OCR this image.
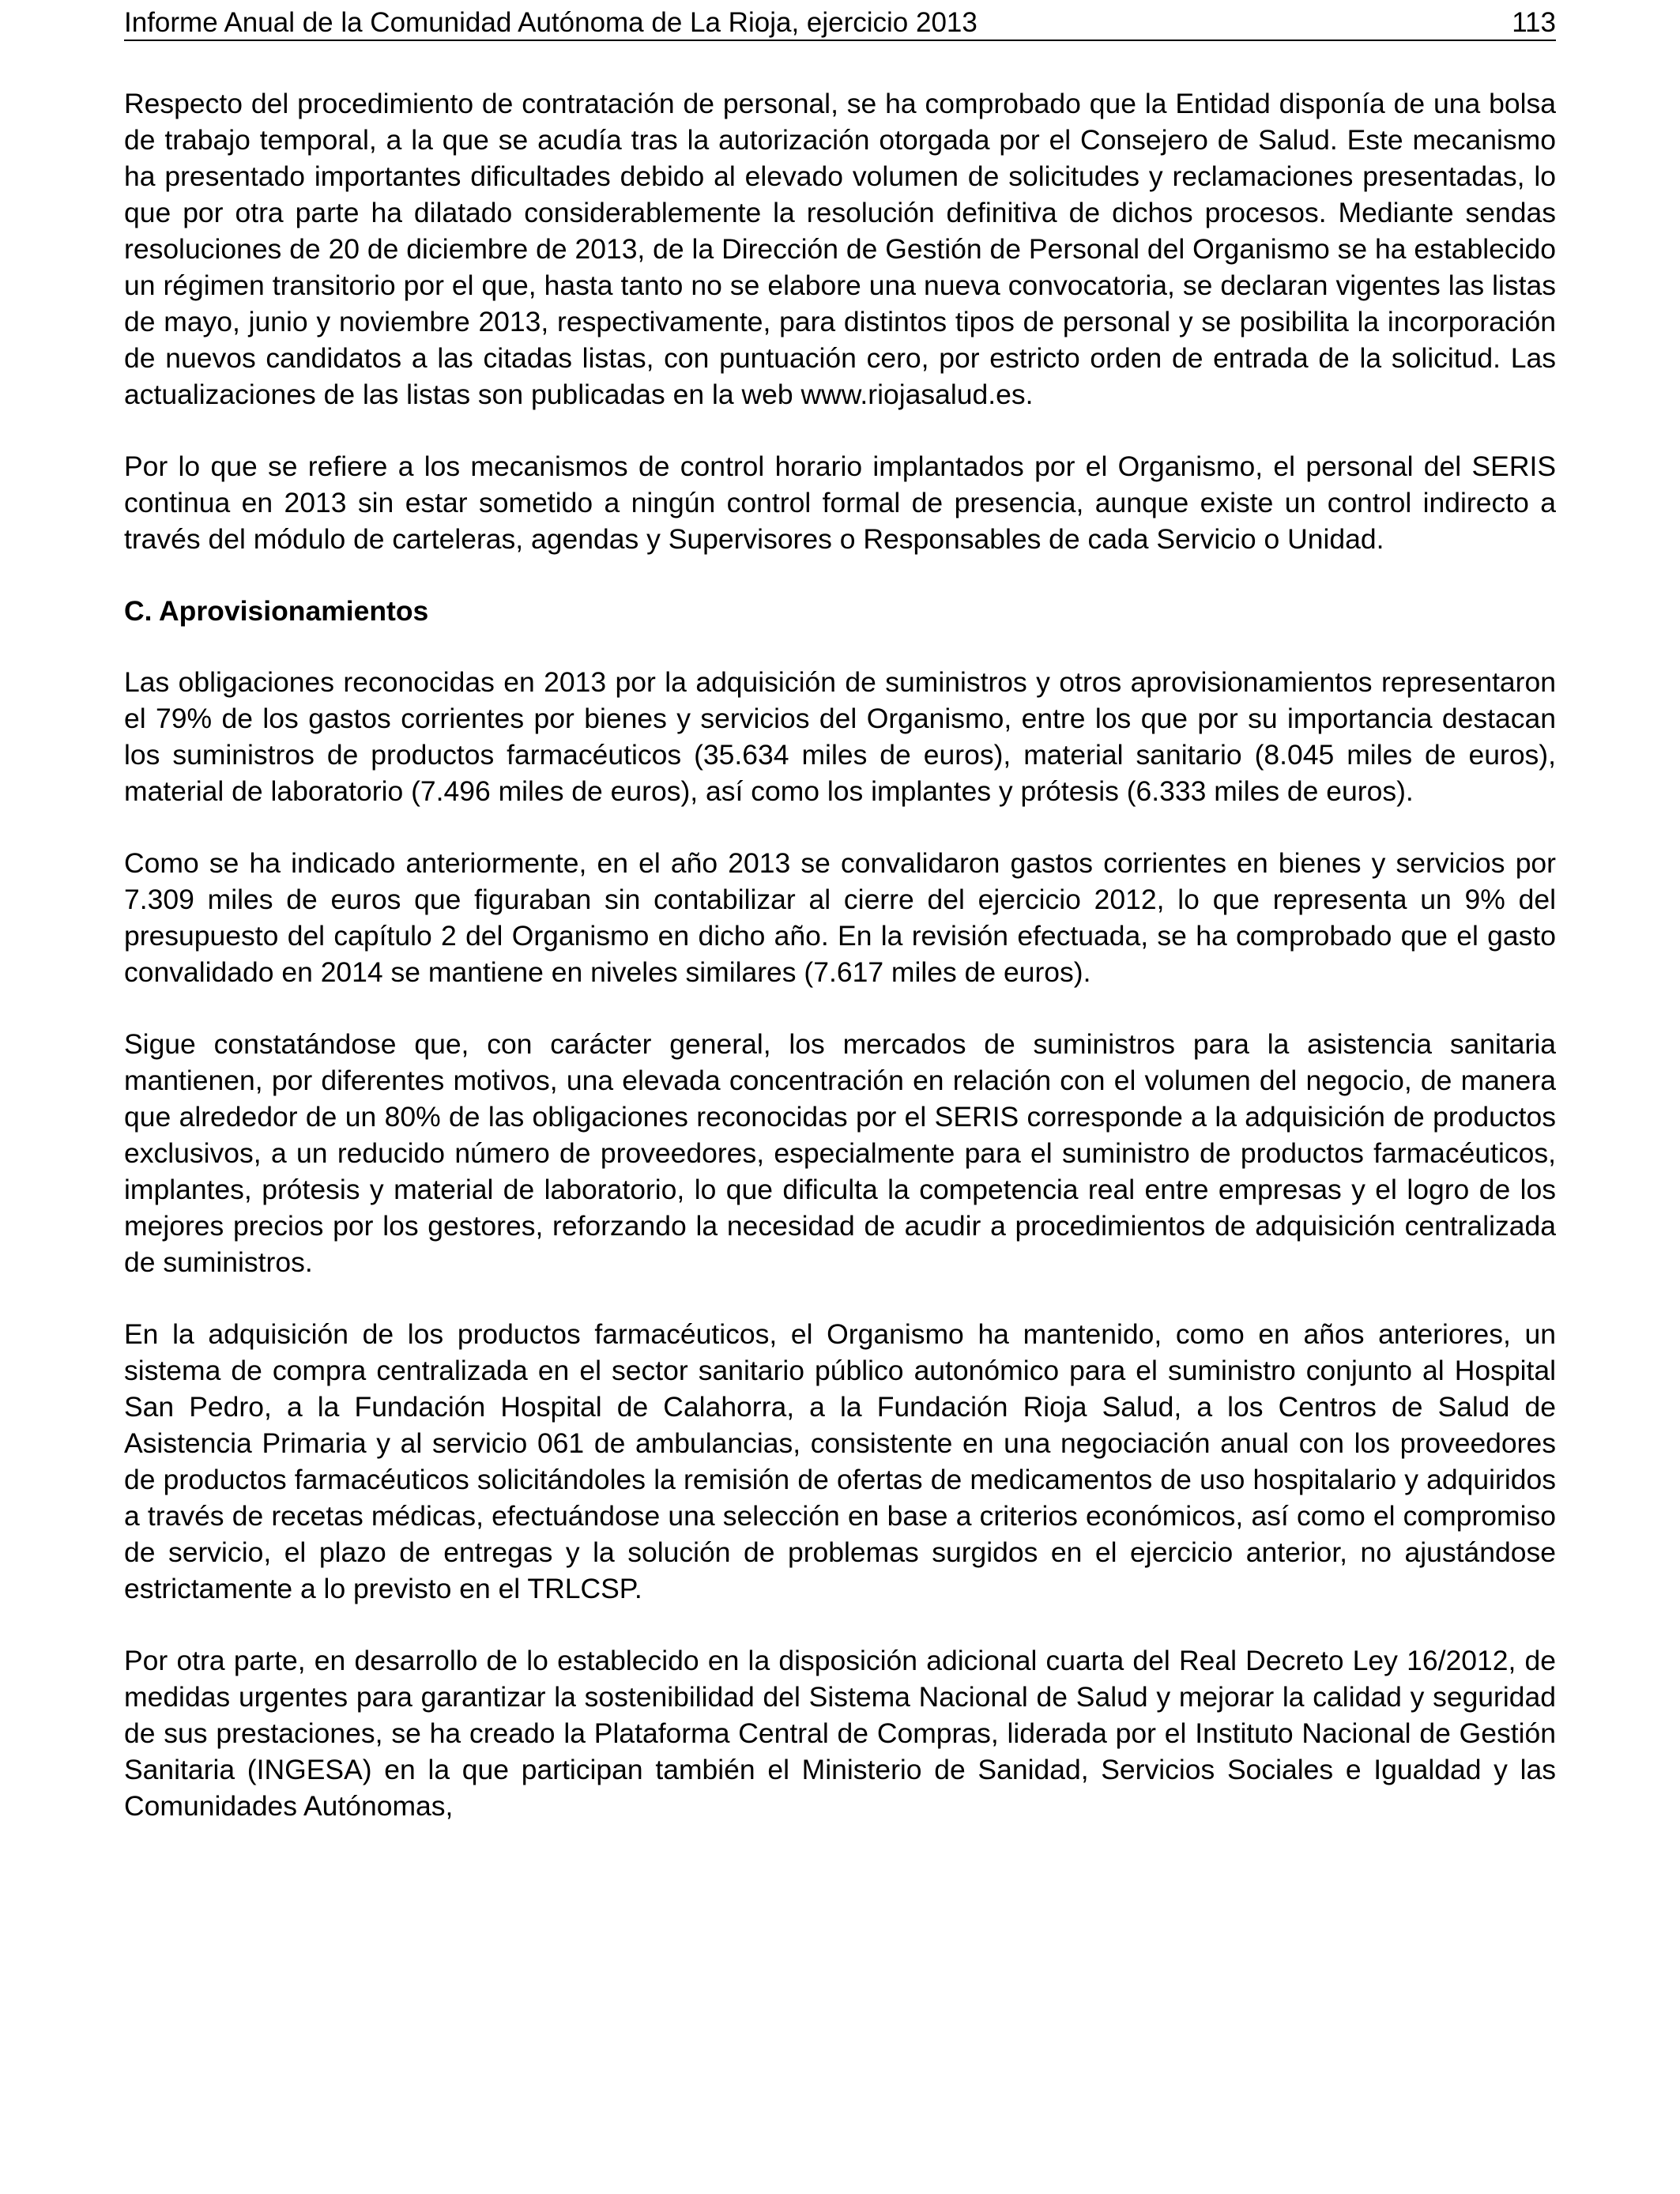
Informe Anual de la Comunidad Autónoma de La Rioja, ejercicio 2013	113

Respecto del procedimiento de contratación de personal, se ha comprobado que la Entidad disponía de una bolsa de trabajo temporal, a la que se acudía tras la autorización otorgada por el Consejero de Salud. Este mecanismo ha presentado importantes dificultades debido al elevado volumen de solicitudes y reclamaciones presentadas, lo que por otra parte ha dilatado considerablemente la resolución definitiva de dichos procesos. Mediante sendas resoluciones de 20 de diciembre de 2013, de la Dirección de Gestión de Personal del Organismo se ha establecido un régimen transitorio por el que, hasta tanto no se elabore una nueva convocatoria, se declaran vigentes las listas de mayo, junio y noviembre 2013, respectivamente, para distintos tipos de personal y se posibilita la incorporación de nuevos candidatos a las citadas listas, con puntuación cero, por estricto orden de entrada de la solicitud. Las actualizaciones de las listas son publicadas en la web www.riojasalud.es.

Por lo que se refiere a los mecanismos de control horario implantados por el Organismo, el personal del SERIS continua en 2013 sin estar sometido a ningún control formal de presencia, aunque existe un control indirecto a través del módulo de carteleras, agendas y Supervisores o Responsables de cada Servicio o Unidad.

C. Aprovisionamientos

Las obligaciones reconocidas en 2013 por la adquisición de suministros y otros aprovisionamientos representaron el 79% de los gastos corrientes por bienes y servicios del Organismo, entre los que por su importancia destacan los suministros de productos farmacéuticos (35.634 miles de euros), material sanitario (8.045 miles de euros), material de laboratorio (7.496 miles de euros), así como los implantes y prótesis (6.333 miles de euros).

Como se ha indicado anteriormente, en el año 2013 se convalidaron gastos corrientes en bienes y servicios por 7.309 miles de euros que figuraban sin contabilizar al cierre del ejercicio 2012, lo que representa un 9% del presupuesto del capítulo 2 del Organismo en dicho año. En la revisión efectuada, se ha comprobado que el gasto convalidado en 2014 se mantiene en niveles similares (7.617 miles de euros).

Sigue constatándose que, con carácter general, los mercados de suministros para la asistencia sanitaria mantienen, por diferentes motivos, una elevada concentración en relación con el volumen del negocio, de manera que alrededor de un 80% de las obligaciones reconocidas por el SERIS corresponde a la adquisición de productos exclusivos, a un reducido número de proveedores, especialmente para el suministro de productos farmacéuticos, implantes, prótesis y material de laboratorio, lo que dificulta la competencia real entre empresas y el logro de los mejores precios por los gestores, reforzando la necesidad de acudir a procedimientos de adquisición centralizada de suministros.

En la adquisición de los productos farmacéuticos, el Organismo ha mantenido, como en años anteriores, un sistema de compra centralizada en el sector sanitario público autonómico para el suministro conjunto al Hospital San Pedro, a la Fundación Hospital de Calahorra, a la Fundación Rioja Salud, a los Centros de Salud de Asistencia Primaria y al servicio 061 de ambulancias, consistente en una negociación anual con los proveedores de productos farmacéuticos solicitándoles la remisión de ofertas de medicamentos de uso hospitalario y adquiridos a través de recetas médicas, efectuándose una selección en base a criterios económicos, así como el compromiso de servicio, el plazo de entregas y la solución de problemas surgidos en el ejercicio anterior, no ajustándose estrictamente a lo previsto en el TRLCSP.

Por otra parte, en desarrollo de lo establecido en la disposición adicional cuarta del Real Decreto Ley 16/2012, de medidas urgentes para garantizar la sostenibilidad del Sistema Nacional de Salud y mejorar la calidad y seguridad de sus prestaciones, se ha creado la Plataforma Central de Compras, liderada por el Instituto Nacional de Gestión Sanitaria (INGESA) en la que participan también el Ministerio de Sanidad, Servicios Sociales e Igualdad y las Comunidades Autónomas,
